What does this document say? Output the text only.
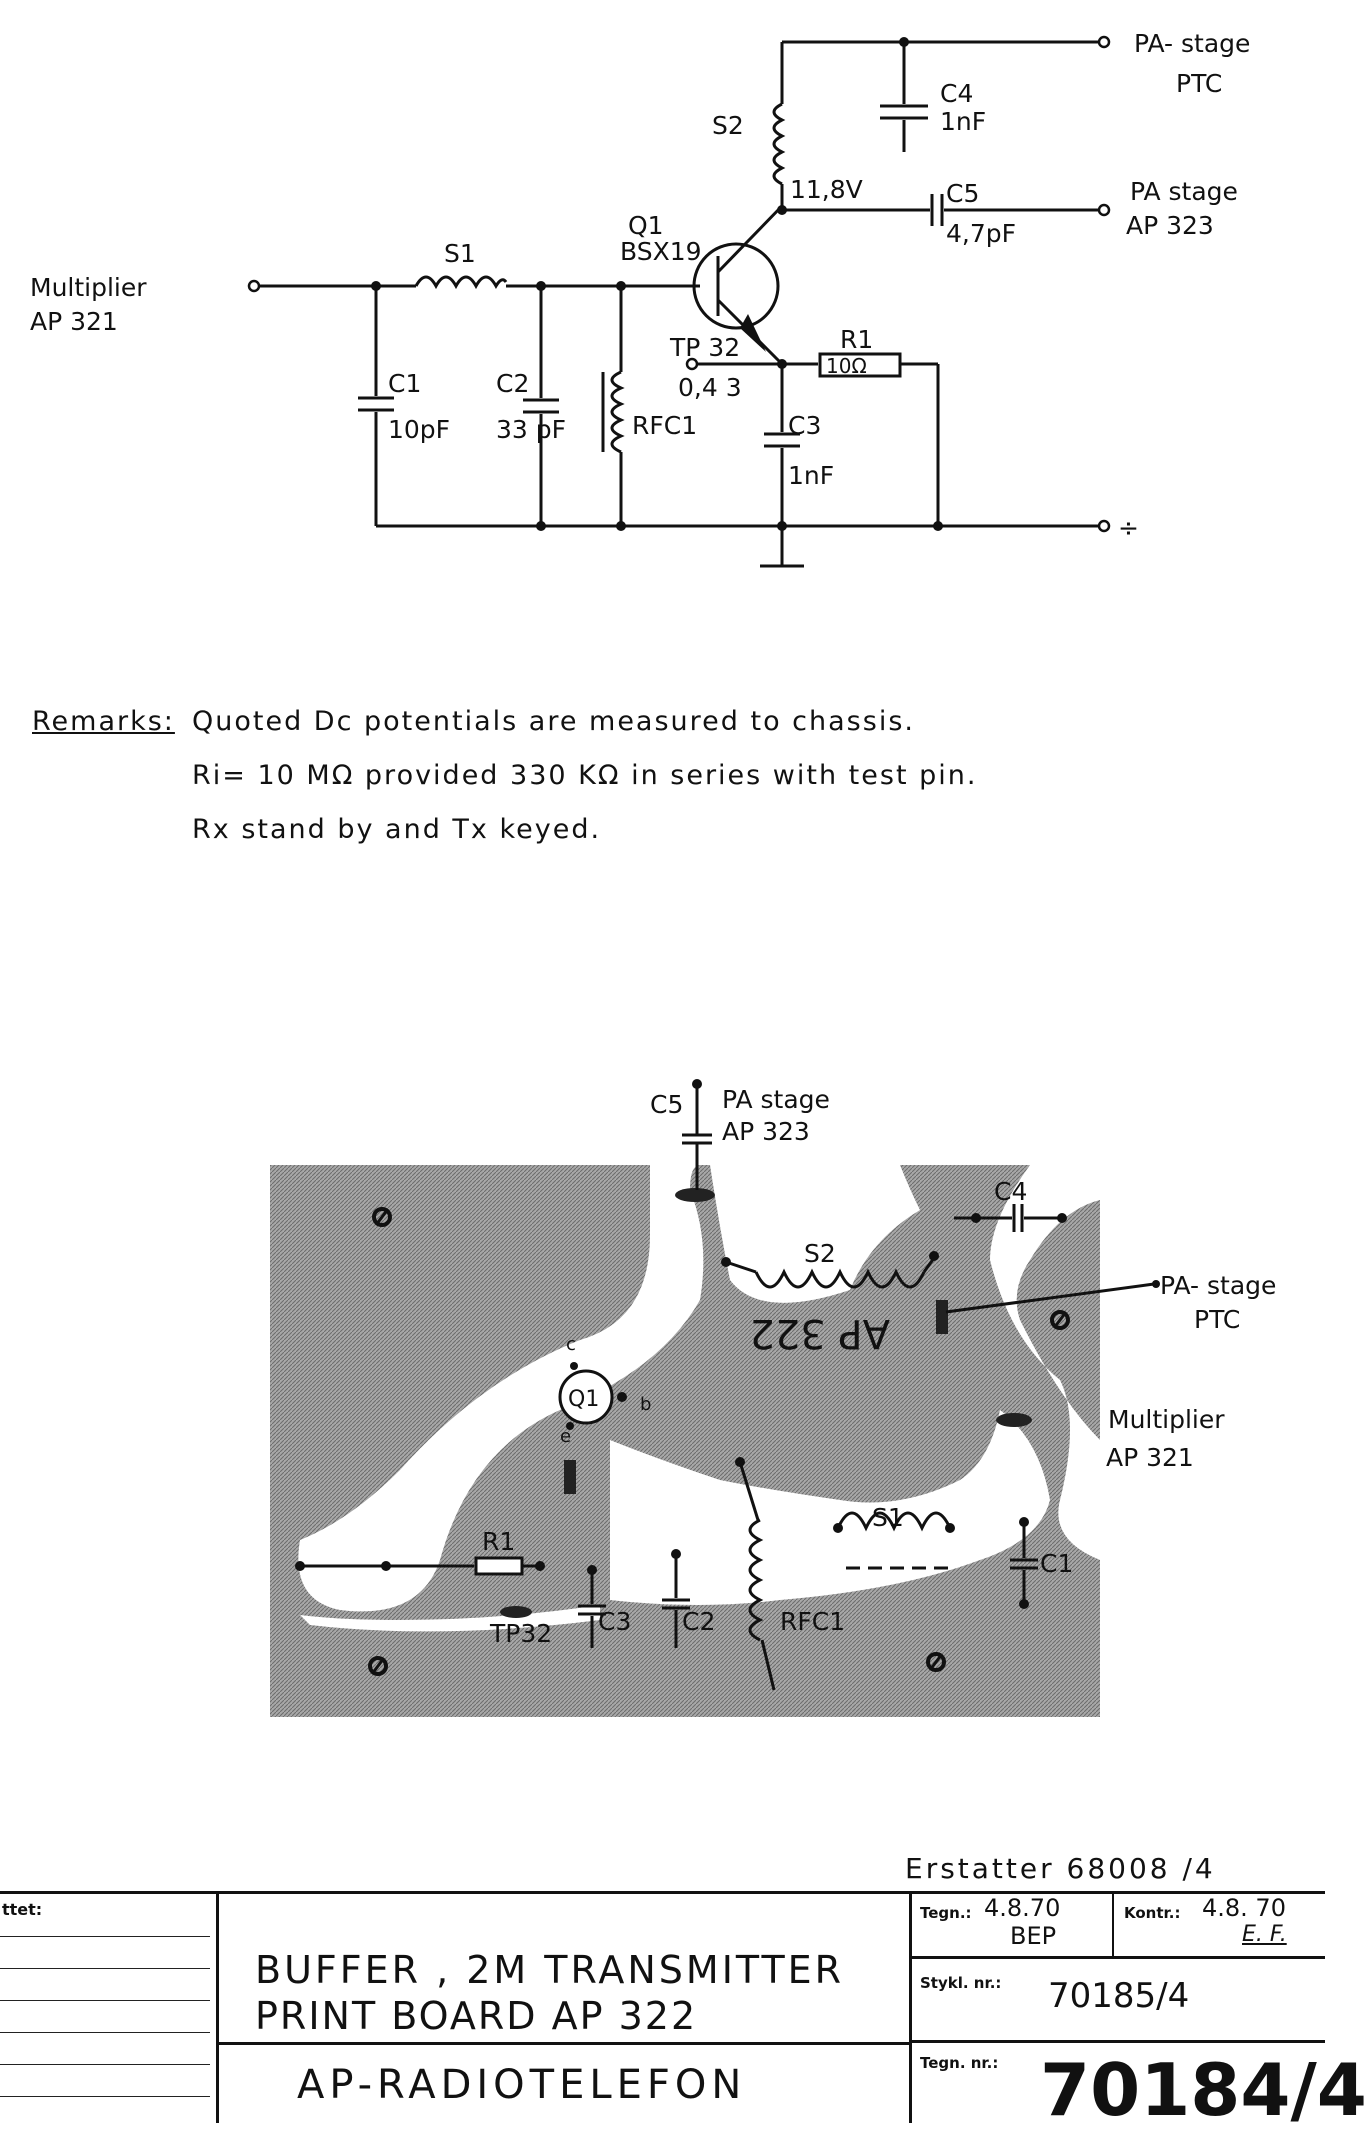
Multiplier
AP 321
PA- stage
PTC
PA stage
AP 323
÷
Q1
BSX19
S1
S2
C1
10pF
C2
33 pF	C3
1nF
C4
1nF
C5
4,7pF
R1
10Ω
RFC1
TP 32
0,4 3
11,8V
Remarks: Quoted Dc potentials are measured to chassis.
Ri= 10 MΩ provided 330 KΩ in series with test pin.
Rx stand by and Tx keyed.
AP 322
C5 PA stage
AP 323
C4
S2
PA- stage
PTC
Multiplier
AP 321
Q1
S1
C1
R1
TP32 C3 C2	RFC1
c
b
e
Erstatter 68008 /4
ttet:
BUFFER , 2M TRANSMITTER
PRINT BOARD AP 322
AP-RADIOTELEFON
Tegn.: 4.8.70
BEP
Kontr.: 4.8. 70
E. F.
Stykl. nr.: 70185/4
Tegn. nr.: 70184/4
